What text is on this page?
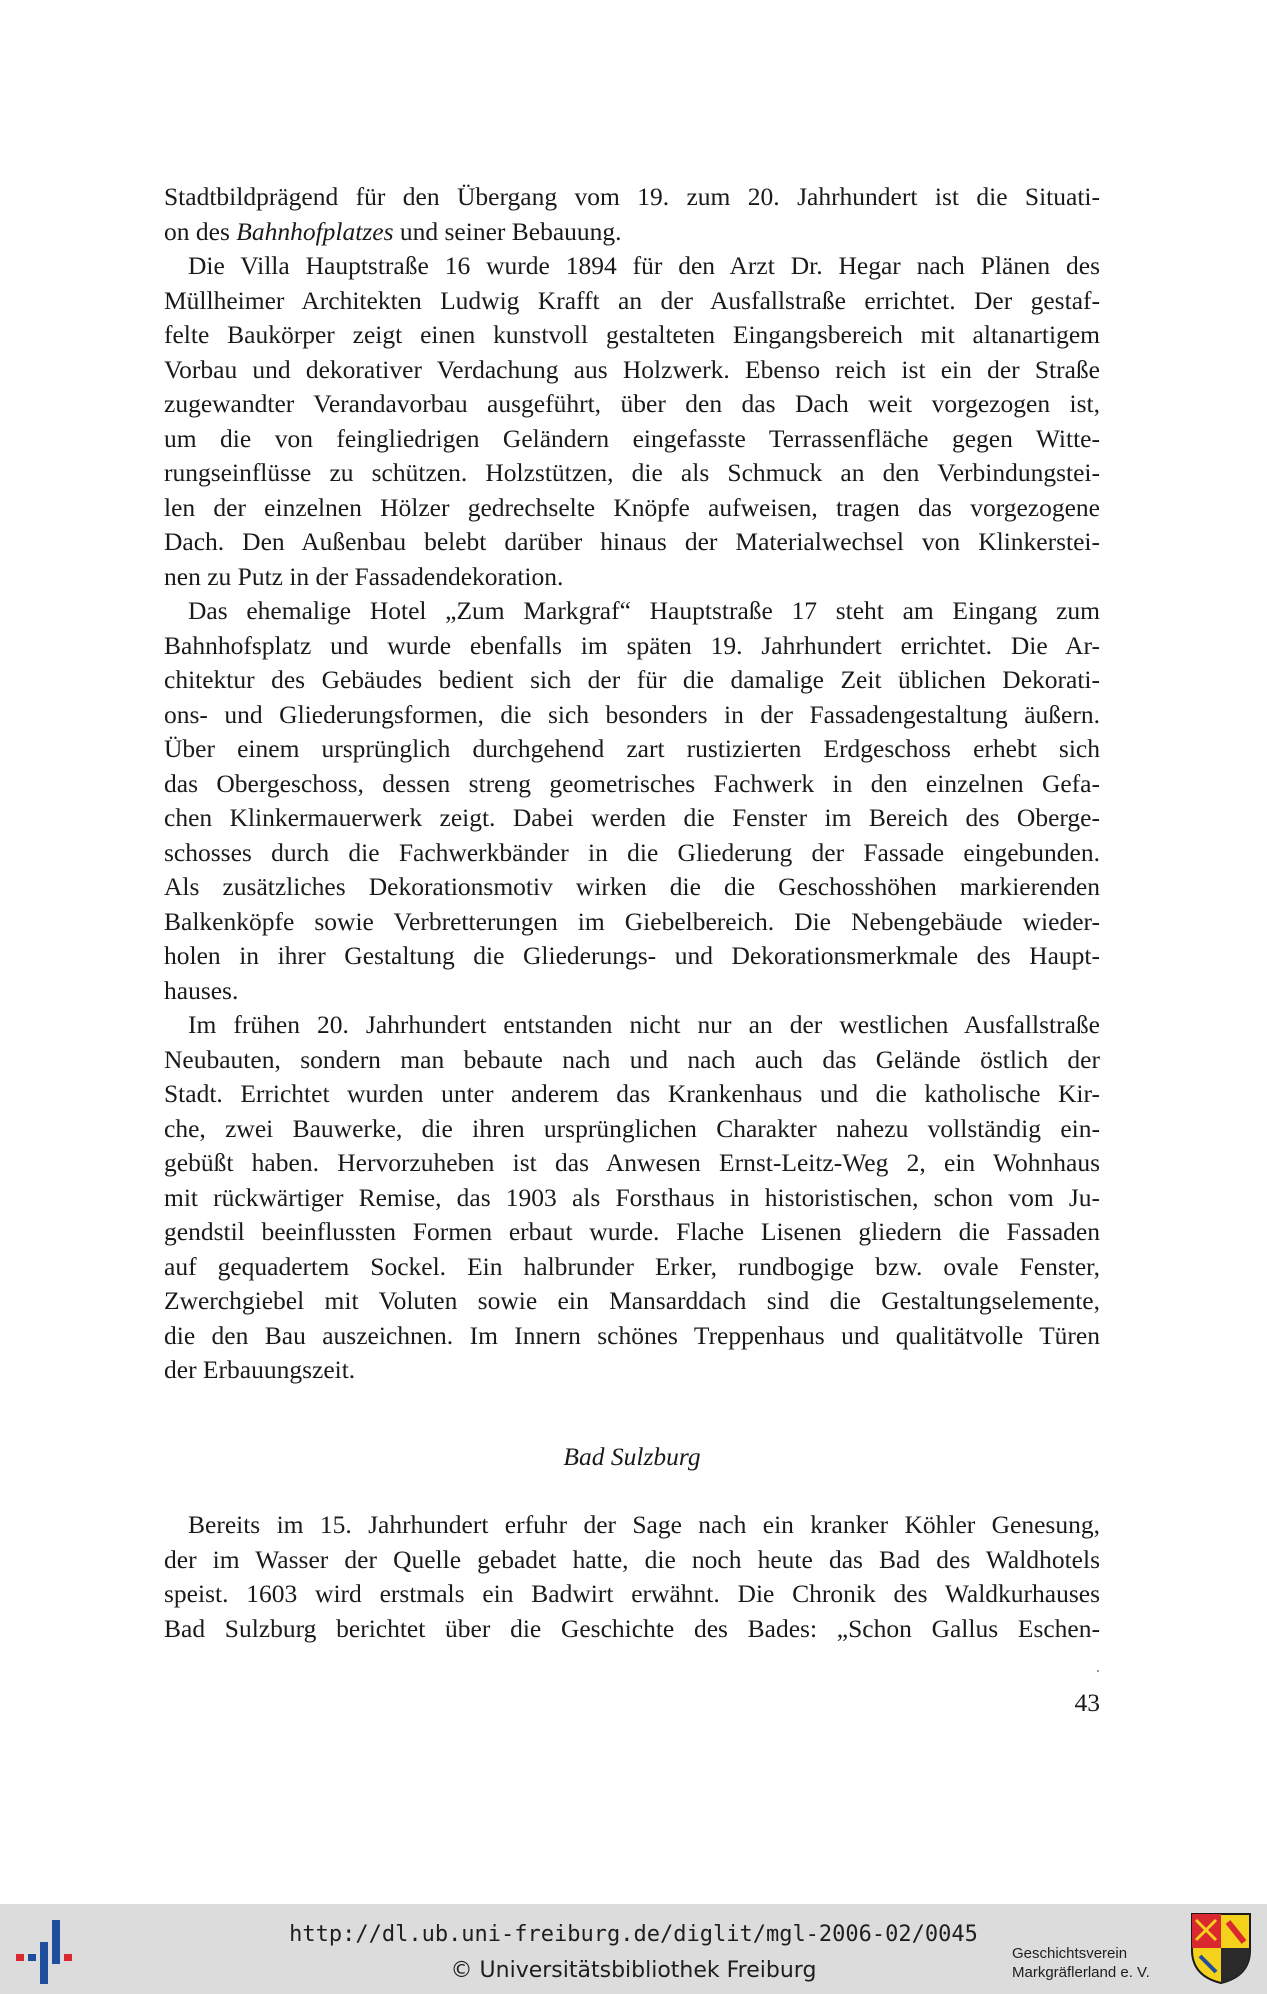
Stadtbildprägend für den Übergang vom 19. zum 20. Jahrhundert ist die Situati-
on des Bahnhofplatzes und seiner Bebauung.
Die Villa Hauptstraße 16 wurde 1894 für den Arzt Dr. Hegar nach Plänen des
Müllheimer Architekten Ludwig Krafft an der Ausfallstraße errichtet. Der gestaf-
felte Baukörper zeigt einen kunstvoll gestalteten Eingangsbereich mit altanartigem
Vorbau und dekorativer Verdachung aus Holzwerk. Ebenso reich ist ein der Straße
zugewandter Verandavorbau ausgeführt, über den das Dach weit vorgezogen ist,
um die von feingliedrigen Geländern eingefasste Terrassenfläche gegen Witte-
rungseinflüsse zu schützen. Holzstützen, die als Schmuck an den Verbindungstei-
len der einzelnen Hölzer gedrechselte Knöpfe aufweisen, tragen das vorgezogene
Dach. Den Außenbau belebt darüber hinaus der Materialwechsel von Klinkerstei-
nen zu Putz in der Fassadendekoration.
Das ehemalige Hotel „Zum Markgraf“ Hauptstraße 17 steht am Eingang zum
Bahnhofsplatz und wurde ebenfalls im späten 19. Jahrhundert errichtet. Die Ar-
chitektur des Gebäudes bedient sich der für die damalige Zeit üblichen Dekorati-
ons- und Gliederungsformen, die sich besonders in der Fassadengestaltung äußern.
Über einem ursprünglich durchgehend zart rustizierten Erdgeschoss erhebt sich
das Obergeschoss, dessen streng geometrisches Fachwerk in den einzelnen Gefa-
chen Klinkermauerwerk zeigt. Dabei werden die Fenster im Bereich des Oberge-
schosses durch die Fachwerkbänder in die Gliederung der Fassade eingebunden.
Als zusätzliches Dekorationsmotiv wirken die die Geschosshöhen markierenden
Balkenköpfe sowie Verbretterungen im Giebelbereich. Die Nebengebäude wieder-
holen in ihrer Gestaltung die Gliederungs- und Dekorationsmerkmale des Haupt-
hauses.
Im frühen 20. Jahrhundert entstanden nicht nur an der westlichen Ausfallstraße
Neubauten, sondern man bebaute nach und nach auch das Gelände östlich der
Stadt. Errichtet wurden unter anderem das Krankenhaus und die katholische Kir-
che, zwei Bauwerke, die ihren ursprünglichen Charakter nahezu vollständig ein-
gebüßt haben. Hervorzuheben ist das Anwesen Ernst-Leitz-Weg 2, ein Wohnhaus
mit rückwärtiger Remise, das 1903 als Forsthaus in historistischen, schon vom Ju-
gendstil beeinflussten Formen erbaut wurde. Flache Lisenen gliedern die Fassaden
auf gequadertem Sockel. Ein halbrunder Erker, rundbogige bzw. ovale Fenster,
Zwerchgiebel mit Voluten sowie ein Mansarddach sind die Gestaltungselemente,
die den Bau auszeichnen. Im Innern schönes Treppenhaus und qualitätvolle Türen
der Erbauungszeit.
Bad Sulzburg
Bereits im 15. Jahrhundert erfuhr der Sage nach ein kranker Köhler Genesung,
der im Wasser der Quelle gebadet hatte, die noch heute das Bad des Waldhotels
speist. 1603 wird erstmals ein Badwirt erwähnt. Die Chronik des Waldkurhauses
Bad Sulzburg berichtet über die Geschichte des Bades: „Schon Gallus Eschen-
43
http://dl.ub.uni-freiburg.de/diglit/mgl-2006-02/0045
© Universitätsbibliothek Freiburg
Geschichtsverein
Markgräflerland e. V.
